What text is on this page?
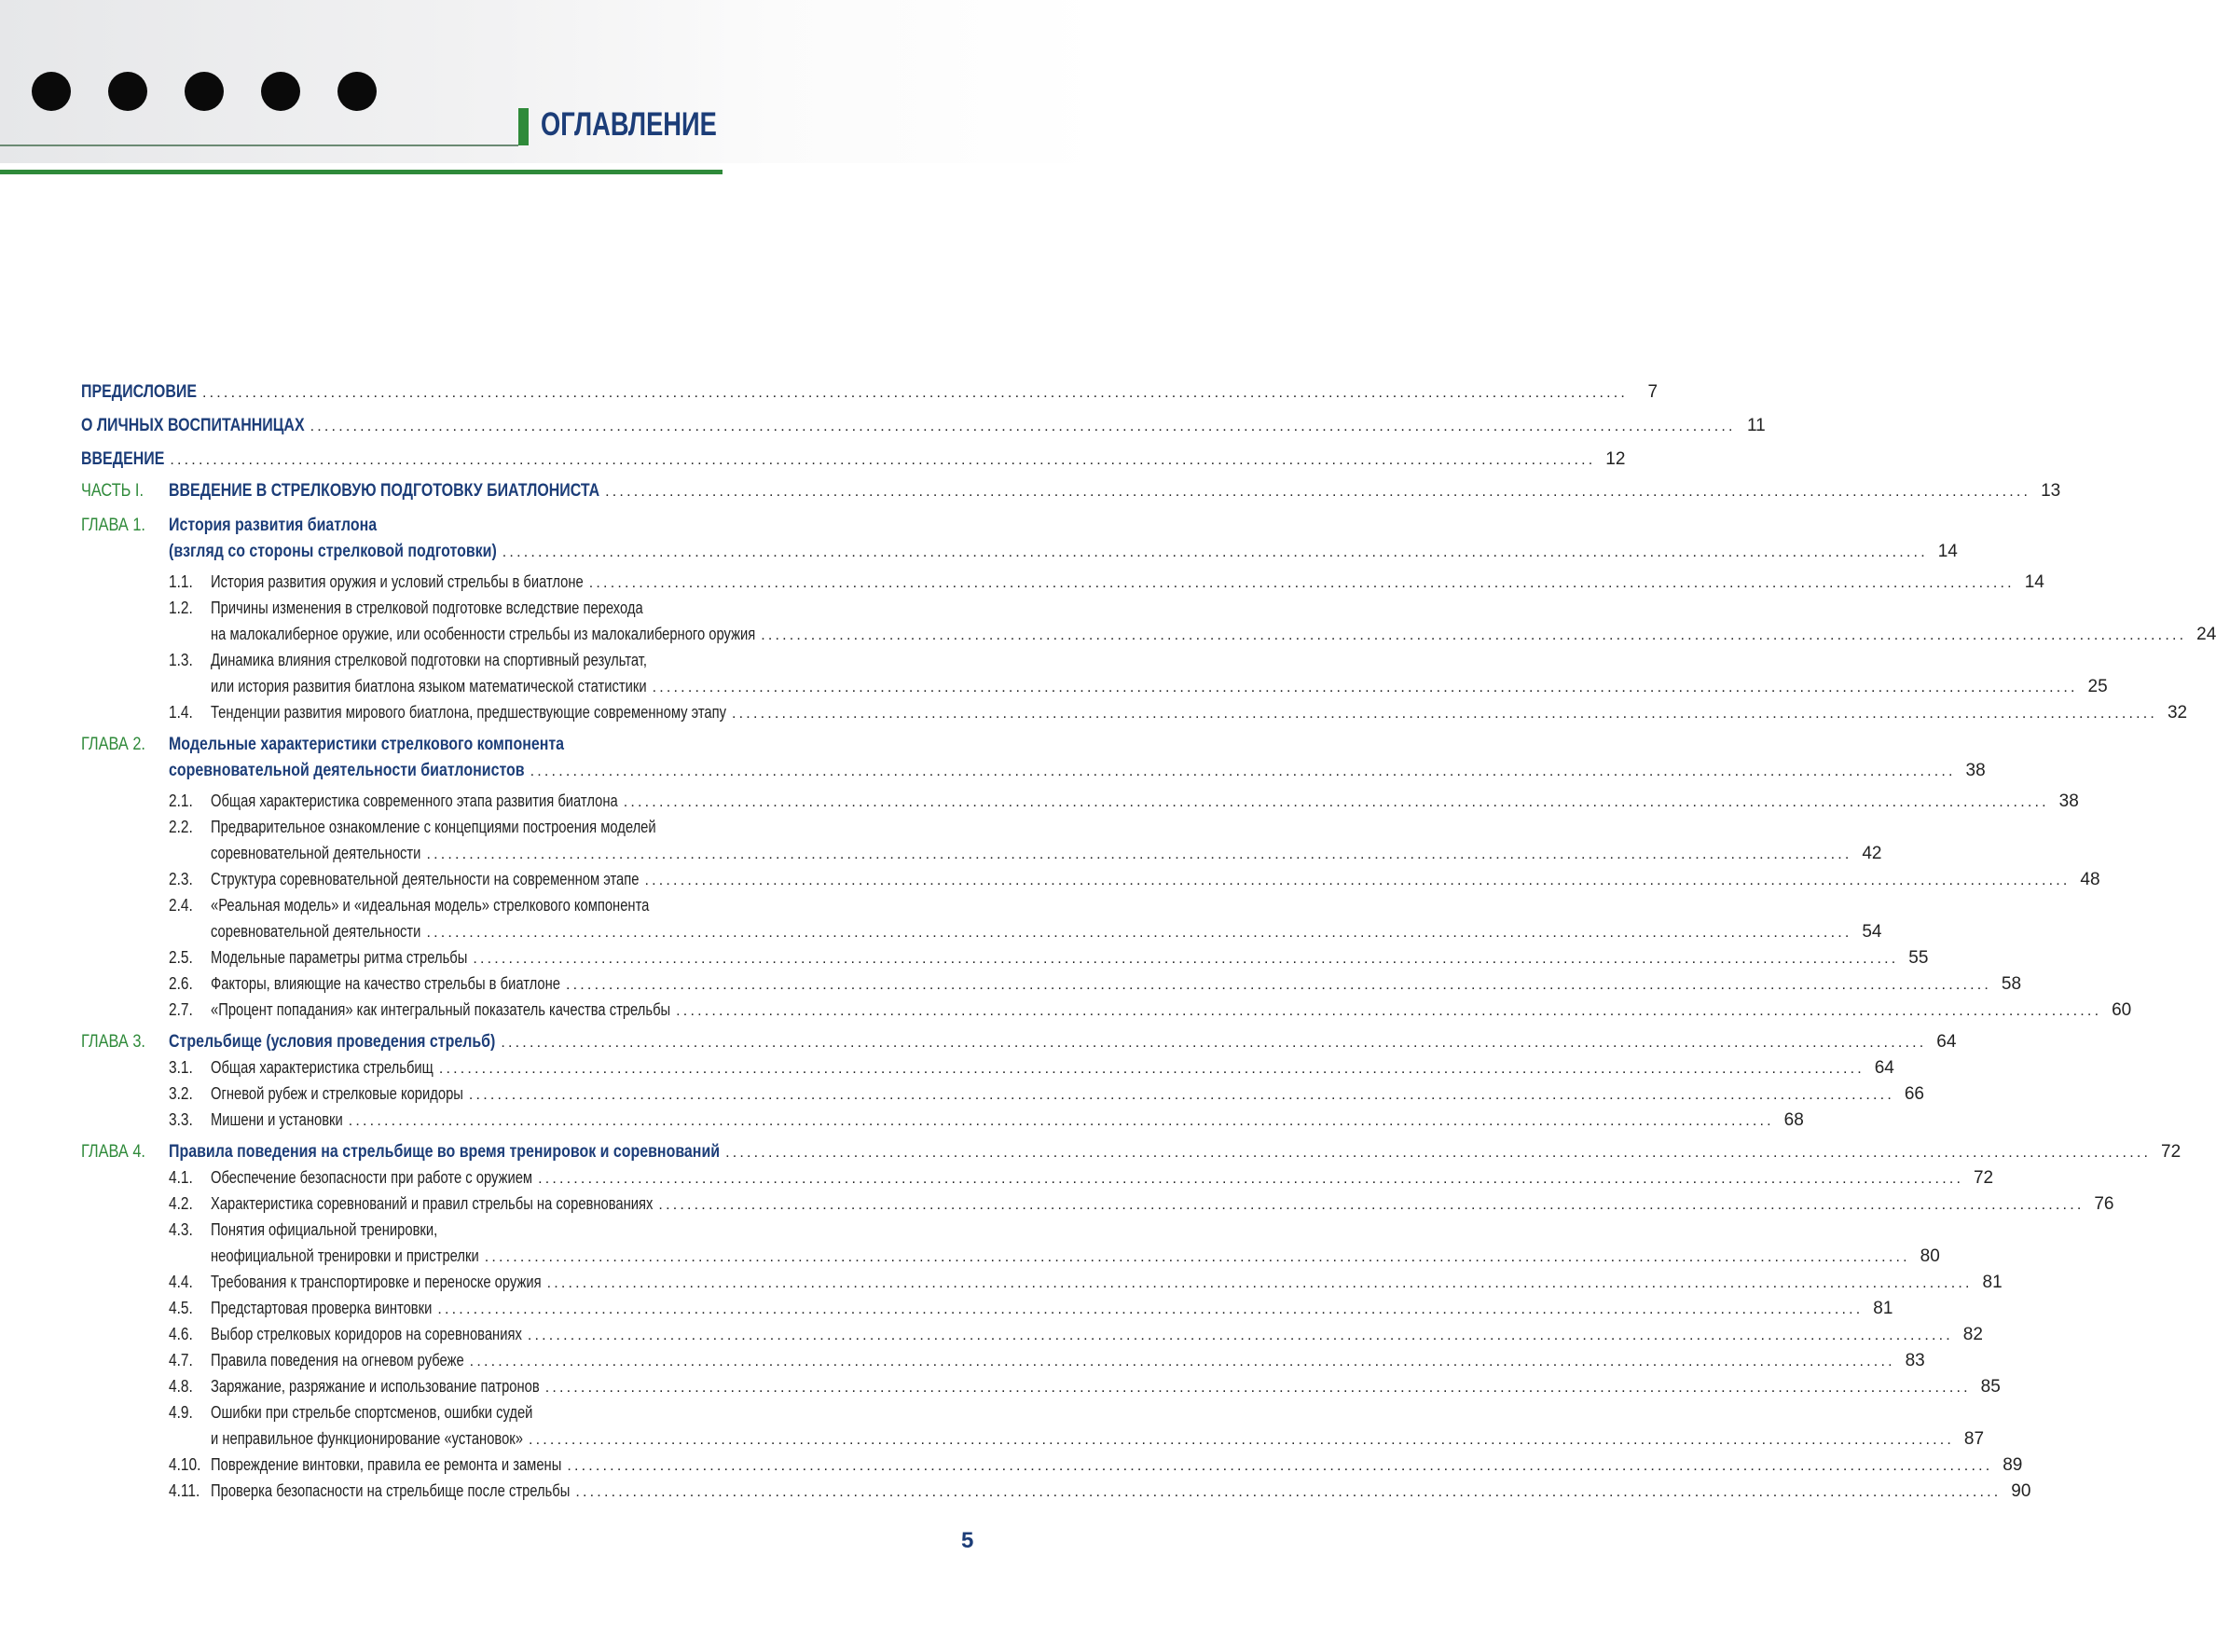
ОГЛАВЛЕНИЕ
ПРЕДИСЛОВИЕ ........................................................................................................................................................................................................	7
О ЛИЧНЫХ ВОСПИТАННИЦАХ ........................................................................................................................................................................................................ 11
ВВЕДЕНИЕ ........................................................................................................................................................................................................ 12
ЧАСТЬ I. ВВЕДЕНИЕ В СТРЕЛКОВУЮ ПОДГОТОВКУ БИАТЛОНИСТА ........................................................................................................................................................................................................ 13
ГЛАВА 1. История развития биатлона
(взгляд со стороны стрелковой подготовки) ........................................................................................................................................................................................................ 14
1.1. История развития оружия и условий стрельбы в биатлоне ........................................................................................................................................................................................................ 14
1.2. Причины изменения в стрелковой подготовке вследствие перехода
на малокалиберное оружие, или особенности стрельбы из малокалиберного оружия ........................................................................................................................................................................................................ 24
1.3. Динамика влияния стрелковой подготовки на спортивный результат,
или история развития биатлона языком математической статистики ........................................................................................................................................................................................................ 25
1.4. Тенденции развития мирового биатлона, предшествующие современному этапу ........................................................................................................................................................................................................ 32
ГЛАВА 2. Модельные характеристики стрелкового компонента
соревновательной деятельности биатлонистов ........................................................................................................................................................................................................ 38
2.1. Общая характеристика современного этапа развития биатлона ........................................................................................................................................................................................................ 38
2.2. Предварительное ознакомление с концепциями построения моделей
соревновательной деятельности ........................................................................................................................................................................................................ 42
2.3. Структура соревновательной деятельности на современном этапе ........................................................................................................................................................................................................ 48
2.4. «Реальная модель» и «идеальная модель» стрелкового компонента
соревновательной деятельности ........................................................................................................................................................................................................ 54
2.5. Модельные параметры ритма стрельбы ........................................................................................................................................................................................................ 55
2.6. Факторы, влияющие на качество стрельбы в биатлоне ........................................................................................................................................................................................................ 58
2.7. «Процент попадания» как интегральный показатель качества стрельбы ........................................................................................................................................................................................................ 60
ГЛАВА 3. Стрельбище (условия проведения стрельб) ........................................................................................................................................................................................................ 64
3.1. Общая характеристика стрельбищ ........................................................................................................................................................................................................ 64
3.2. Огневой рубеж и стрелковые коридоры ........................................................................................................................................................................................................ 66
3.3. Мишени и установки ........................................................................................................................................................................................................ 68
ГЛАВА 4. Правила поведения на стрельбище во время тренировок и соревнований ........................................................................................................................................................................................................ 72
4.1. Обеспечение безопасности при работе с оружием ........................................................................................................................................................................................................ 72
4.2. Характеристика соревнований и правил стрельбы на соревнованиях ........................................................................................................................................................................................................ 76
4.3. Понятия официальной тренировки,
неофициальной тренировки и пристрелки ........................................................................................................................................................................................................ 80
4.4. Требования к транспортировке и переноске оружия ........................................................................................................................................................................................................ 81
4.5. Предстартовая проверка винтовки ........................................................................................................................................................................................................ 81
4.6. Выбор стрелковых коридоров на соревнованиях ........................................................................................................................................................................................................ 82
4.7. Правила поведения на огневом рубеже ........................................................................................................................................................................................................ 83
4.8. Заряжание, разряжание и использование патронов ........................................................................................................................................................................................................ 85
4.9. Ошибки при стрельбе спортсменов, ошибки судей
и неправильное функционирование «установок» ........................................................................................................................................................................................................ 87
4.10. Повреждение винтовки, правила ее ремонта и замены ........................................................................................................................................................................................................ 89
4.11. Проверка безопасности на стрельбище после стрельбы ........................................................................................................................................................................................................ 90
5
